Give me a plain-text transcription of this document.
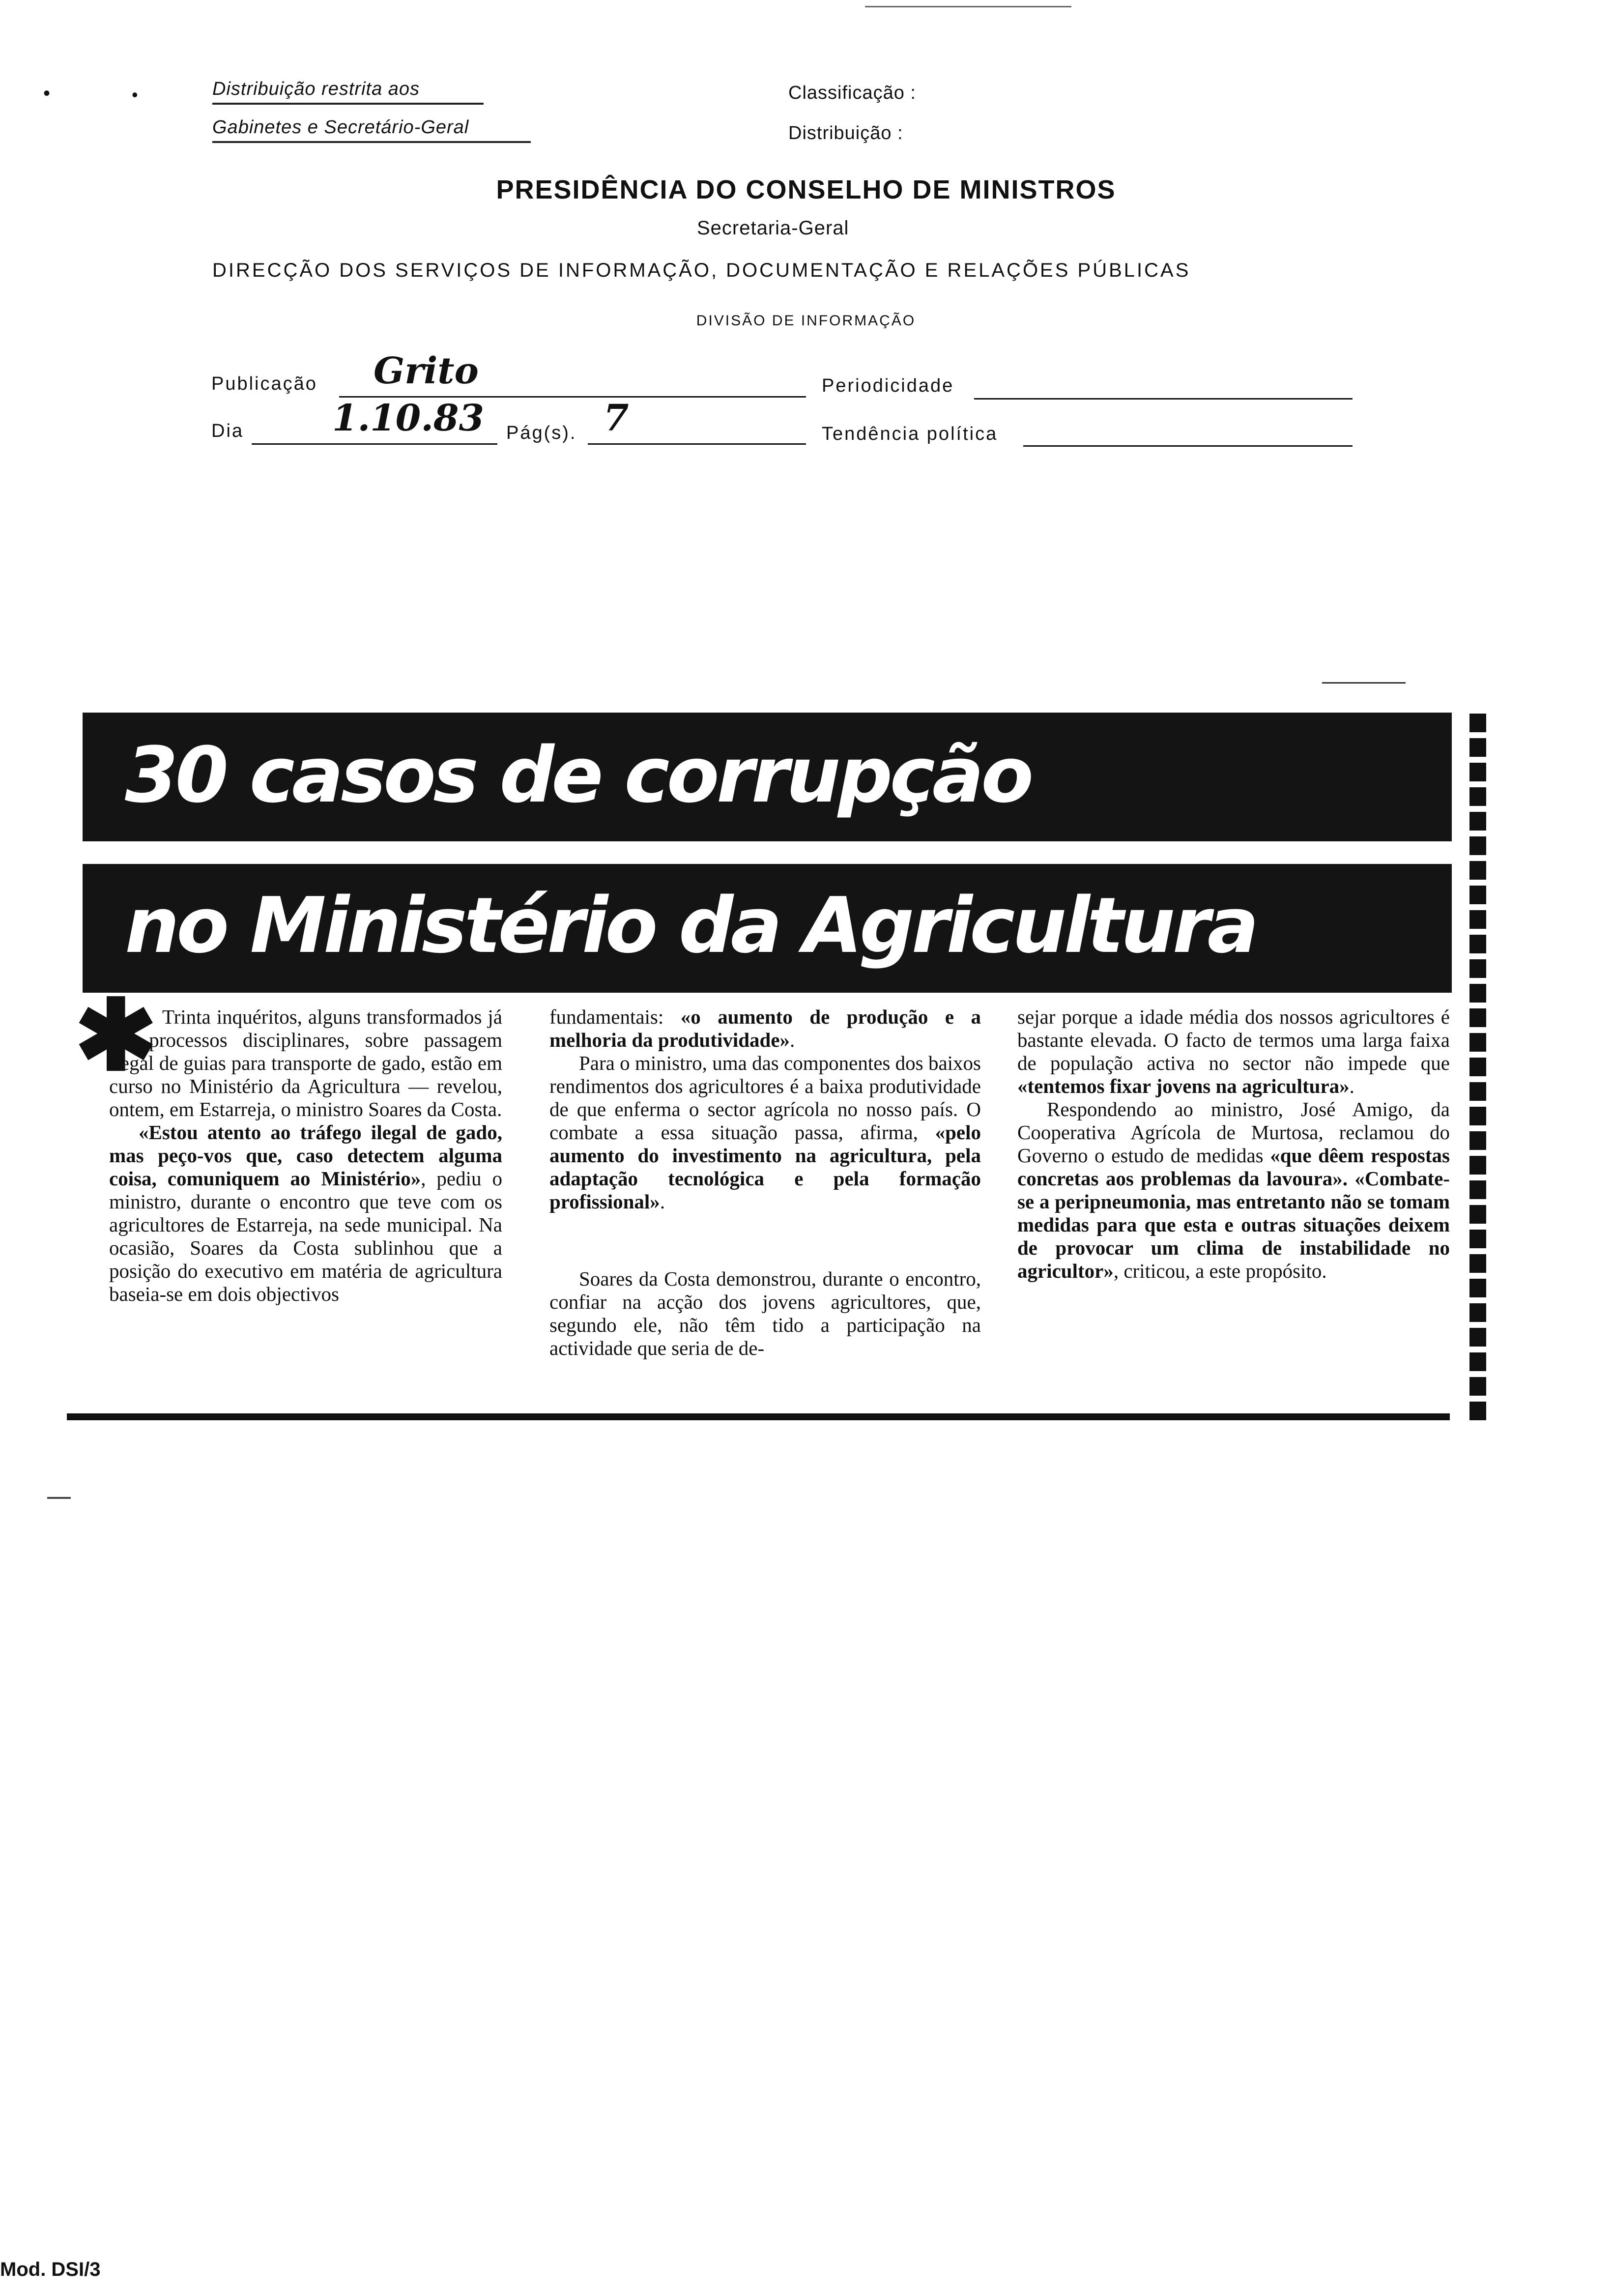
•	•	Distribuição restrita aos
Gabinetes e Secretário-Geral
Classificação :
Distribuição :
PRESIDÊNCIA DO CONSELHO DE MINISTROS
Secretaria-Geral
DIRECÇÃO DOS SERVIÇOS DE INFORMAÇÃO, DOCUMENTAÇÃO E RELAÇÕES PÚBLICAS
DIVISÃO DE INFORMAÇÃO
Publicação Grito	Periodicidade
Dia 1.10.83 Pág(s). 7	Tendência política
30 casos de corrupção
no Ministério da Agricultura
✱ Trinta inquéritos, alguns transformados já em processos disciplinares, sobre passagem ilegal de guias para transporte de gado, estão em curso no Ministério da Agricultura — revelou, ontem, em Estarreja, o ministro Soares da Costa.

«Estou atento ao tráfego ilegal de gado, mas peço-vos que, caso detectem alguma coisa, comuniquem ao Ministério», pediu o ministro, durante o encontro que teve com os agricultores de Estarreja, na sede municipal. Na ocasião, Soares da Costa sublinhou que a posição do executivo em matéria de agricultura baseia-se em dois objectivos

fundamentais: «o aumento de produção e a melhoria da produtividade».

Para o ministro, uma das componentes dos baixos rendimentos dos agricultores é a baixa produtividade de que enferma o sector agrícola no nosso país. O combate a essa situação passa, afirma, «pelo aumento do investimento na agricultura, pela adaptação tecnológica e pela formação profissional».

Soares da Costa demonstrou, durante o encontro, confiar na acção dos jovens agricultores, que, segundo ele, não têm tido a participação na actividade que seria de de-

sejar porque a idade média dos nossos agricultores é bastante elevada. O facto de termos uma larga faixa de população activa no sector não impede que «tentemos fixar jovens na agricultura».

Respondendo ao ministro, José Amigo, da Cooperativa Agrícola de Murtosa, reclamou do Governo o estudo de medidas «que dêem respostas concretas aos problemas da lavoura». «Combate-se a peripneumonia, mas entretanto não se tomam medidas para que esta e outras situações deixem de provocar um clima de instabilidade no agricultor», criticou, a este propósito.

Mod. DSI/3
